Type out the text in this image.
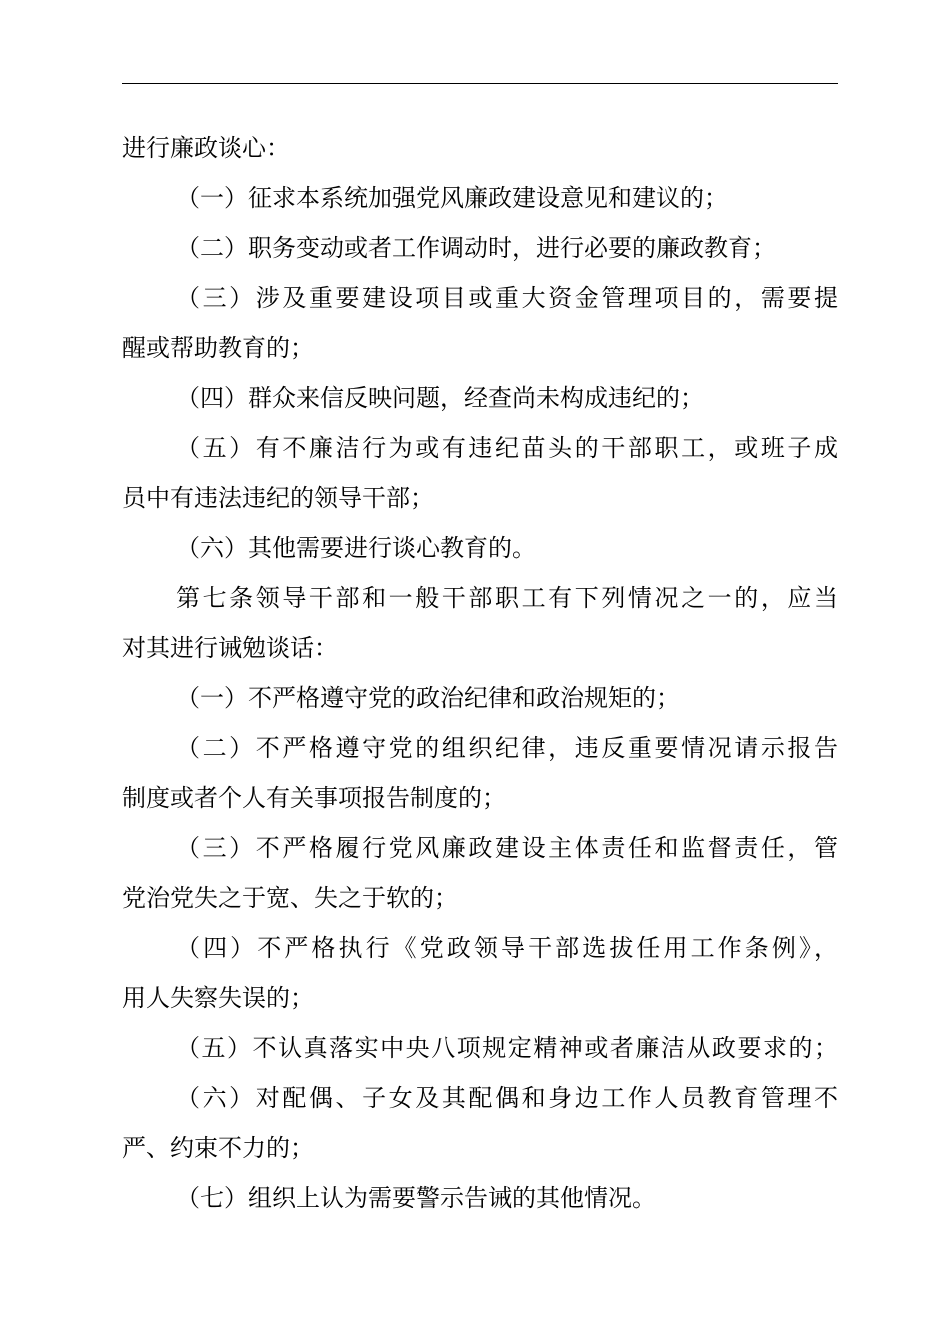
进行廉政谈心：
（一）征求本系统加强党风廉政建设意见和建议的；
（二）职务变动或者工作调动时，进行必要的廉政教育；
（三）涉及重要建设项目或重大资金管理项目的，需要提
醒或帮助教育的；
（四）群众来信反映问题，经查尚未构成违纪的；
（五）有不廉洁行为或有违纪苗头的干部职工，或班子成
员中有违法违纪的领导干部；
（六）其他需要进行谈心教育的。
第七条领导干部和一般干部职工有下列情况之一的，应当
对其进行诫勉谈话：
（一）不严格遵守党的政治纪律和政治规矩的；
（二）不严格遵守党的组织纪律，违反重要情况请示报告
制度或者个人有关事项报告制度的；
（三）不严格履行党风廉政建设主体责任和监督责任，管
党治党失之于宽、失之于软的；
（四）不严格执行《党政领导干部选拔任用工作条例》，
用人失察失误的；
（五）不认真落实中央八项规定精神或者廉洁从政要求的；
（六）对配偶、子女及其配偶和身边工作人员教育管理不
严、约束不力的；
（七）组织上认为需要警示告诫的其他情况。
